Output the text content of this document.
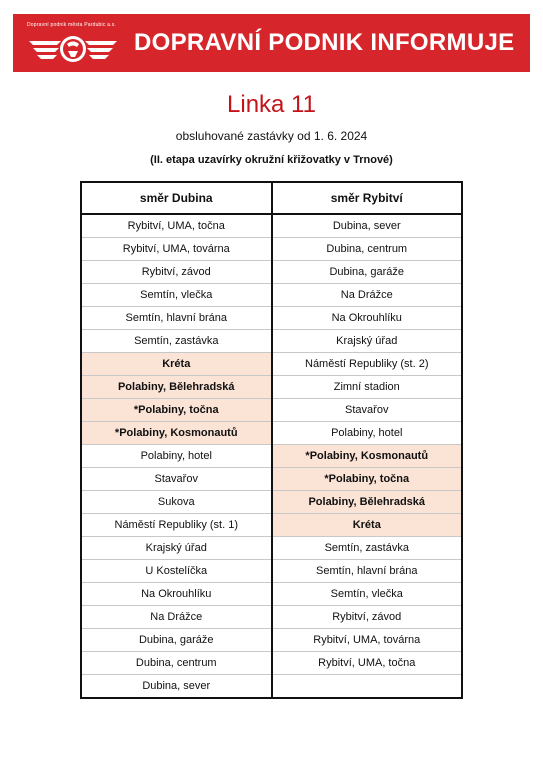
Dopravní podnik města Pardubic a.s.
DOPRAVNÍ PODNIK INFORMUJE
Linka 11
obsluhované zastávky od 1. 6. 2024
(II. etapa uzavírky okružní křižovatky v Trnové)
směr Dubina	směr Rybitví
Rybitví, UMA, točna	Dubina, sever
Rybitví, UMA, továrna	Dubina, centrum
Rybitví, závod	Dubina, garáže
Semtín, vlečka	Na Drážce
Semtín, hlavní brána	Na Okrouhlíku
Semtín, zastávka	Krajský úřad
Kréta	Náměstí Republiky (st. 2)
Polabiny, Bělehradská	Zimní stadion
*Polabiny, točna	Stavařov
*Polabiny, Kosmonautů	Polabiny, hotel
Polabiny, hotel	*Polabiny, Kosmonautů
Stavařov	*Polabiny, točna
Sukova	Polabiny, Bělehradská
Náměstí Republiky (st. 1)	Kréta
Krajský úřad	Semtín, zastávka
U Kostelíčka	Semtín, hlavní brána
Na Okrouhlíku	Semtín, vlečka
Na Drážce	Rybitví, závod
Dubina, garáže	Rybitví, UMA, továrna
Dubina, centrum	Rybitví, UMA, točna
Dubina, sever	
